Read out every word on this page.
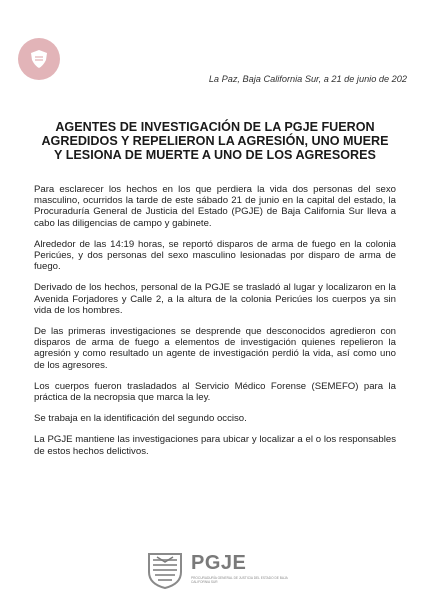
La Paz, Baja California Sur, a 21 de junio de 202
AGENTES DE INVESTIGACIÓN DE LA PGJE FUERON AGREDIDOS Y REPELIERON LA AGRESIÓN, UNO MUERE Y LESIONA DE MUERTE A UNO DE LOS AGRESORES

Para esclarecer los hechos en los que perdiera la vida dos personas del sexo masculino, ocurridos la tarde de este sábado 21 de junio en la capital del estado, la Procuraduría General de Justicia del Estado (PGJE) de Baja California Sur lleva a cabo las diligencias de campo y gabinete.

Alrededor de las 14:19 horas, se reportó disparos de arma de fuego en la colonia Pericúes, y dos personas del sexo masculino lesionadas por disparo de arma de fuego.

Derivado de los hechos, personal de la PGJE se trasladó al lugar y localizaron en la Avenida Forjadores y Calle 2, a la altura de la colonia Pericúes los cuerpos ya sin vida de los hombres.

De las primeras investigaciones se desprende que desconocidos agredieron con disparos de arma de fuego a elementos de investigación quienes repelieron la agresión y como resultado un agente de investigación perdió la vida, así como uno de los agresores.

Los cuerpos fueron trasladados al Servicio Médico Forense (SEMEFO) para la práctica de la necropsia que marca la ley.

Se trabaja en la identificación del segundo occiso.

La PGJE mantiene las investigaciones para ubicar y localizar a el o los responsables de estos hechos delictivos.

PGJE
PROCURADURÍA GENERAL DE JUSTICIA DEL ESTADO DE BAJA CALIFORNIA SUR
